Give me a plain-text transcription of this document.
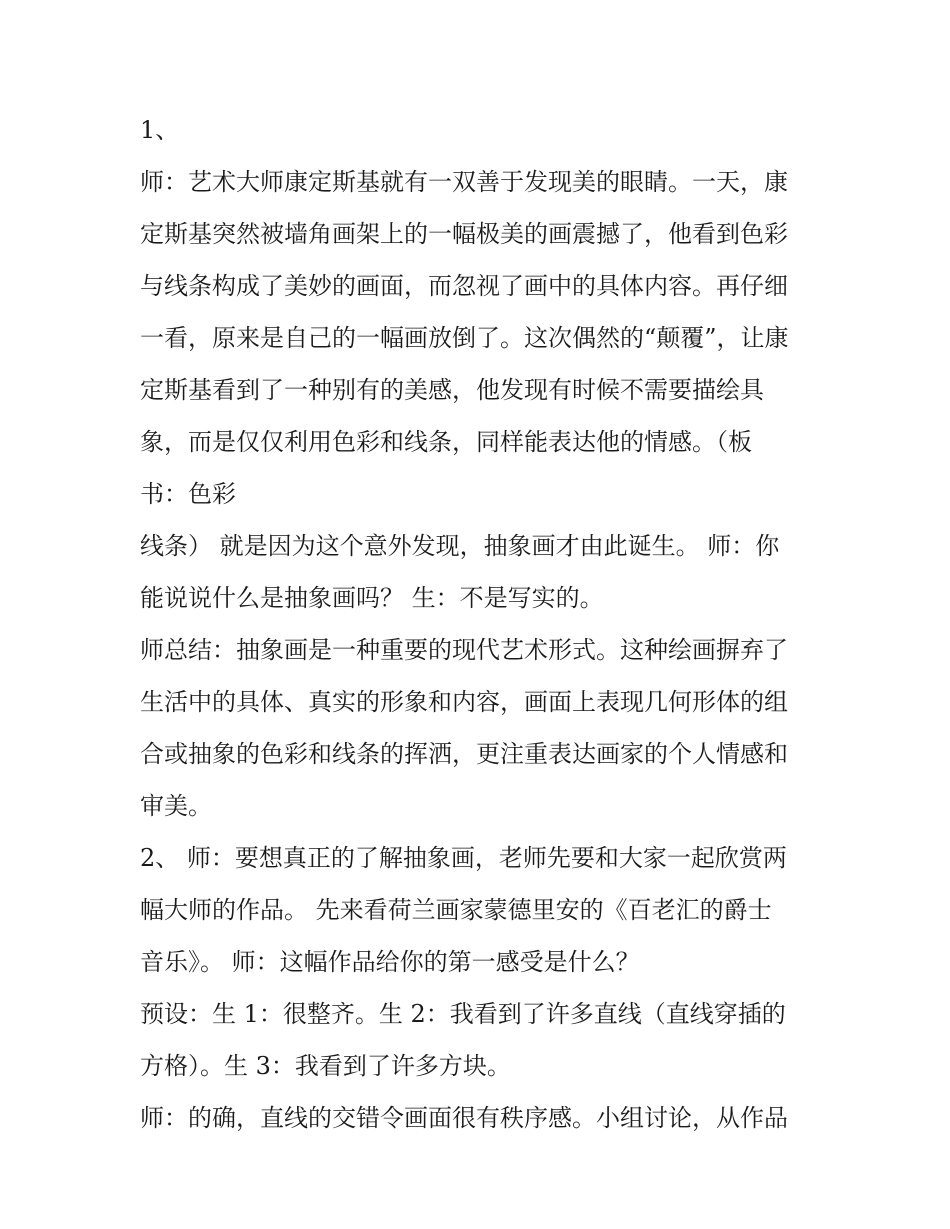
1、
师：艺术大师康定斯基就有一双善于发现美的眼睛。一天，康
定斯基突然被墙角画架上的一幅极美的画震撼了，他看到色彩
与线条构成了美妙的画面，而忽视了画中的具体内容。再仔细
一看，原来是自己的一幅画放倒了。这次偶然的“颠覆”，让康
定斯基看到了一种别有的美感，他发现有时候不需要描绘具
象，而是仅仅利用色彩和线条，同样能表达他的情感。（板
书：色彩
线条） 就是因为这个意外发现，抽象画才由此诞生。 师：你
能说说什么是抽象画吗？ 生：不是写实的。
师总结：抽象画是一种重要的现代艺术形式。这种绘画摒弃了
生活中的具体、真实的形象和内容，画面上表现几何形体的组
合或抽象的色彩和线条的挥洒，更注重表达画家的个人情感和
审美。
2、 师：要想真正的了解抽象画，老师先要和大家一起欣赏两
幅大师的作品。 先来看荷兰画家蒙德里安的《百老汇的爵士
音乐》。 师：这幅作品给你的第一感受是什么？
预设：生 1：很整齐。生 2：我看到了许多直线（直线穿插的
方格）。生 3：我看到了许多方块。
师：的确，直线的交错令画面很有秩序感。小组讨论，从作品
